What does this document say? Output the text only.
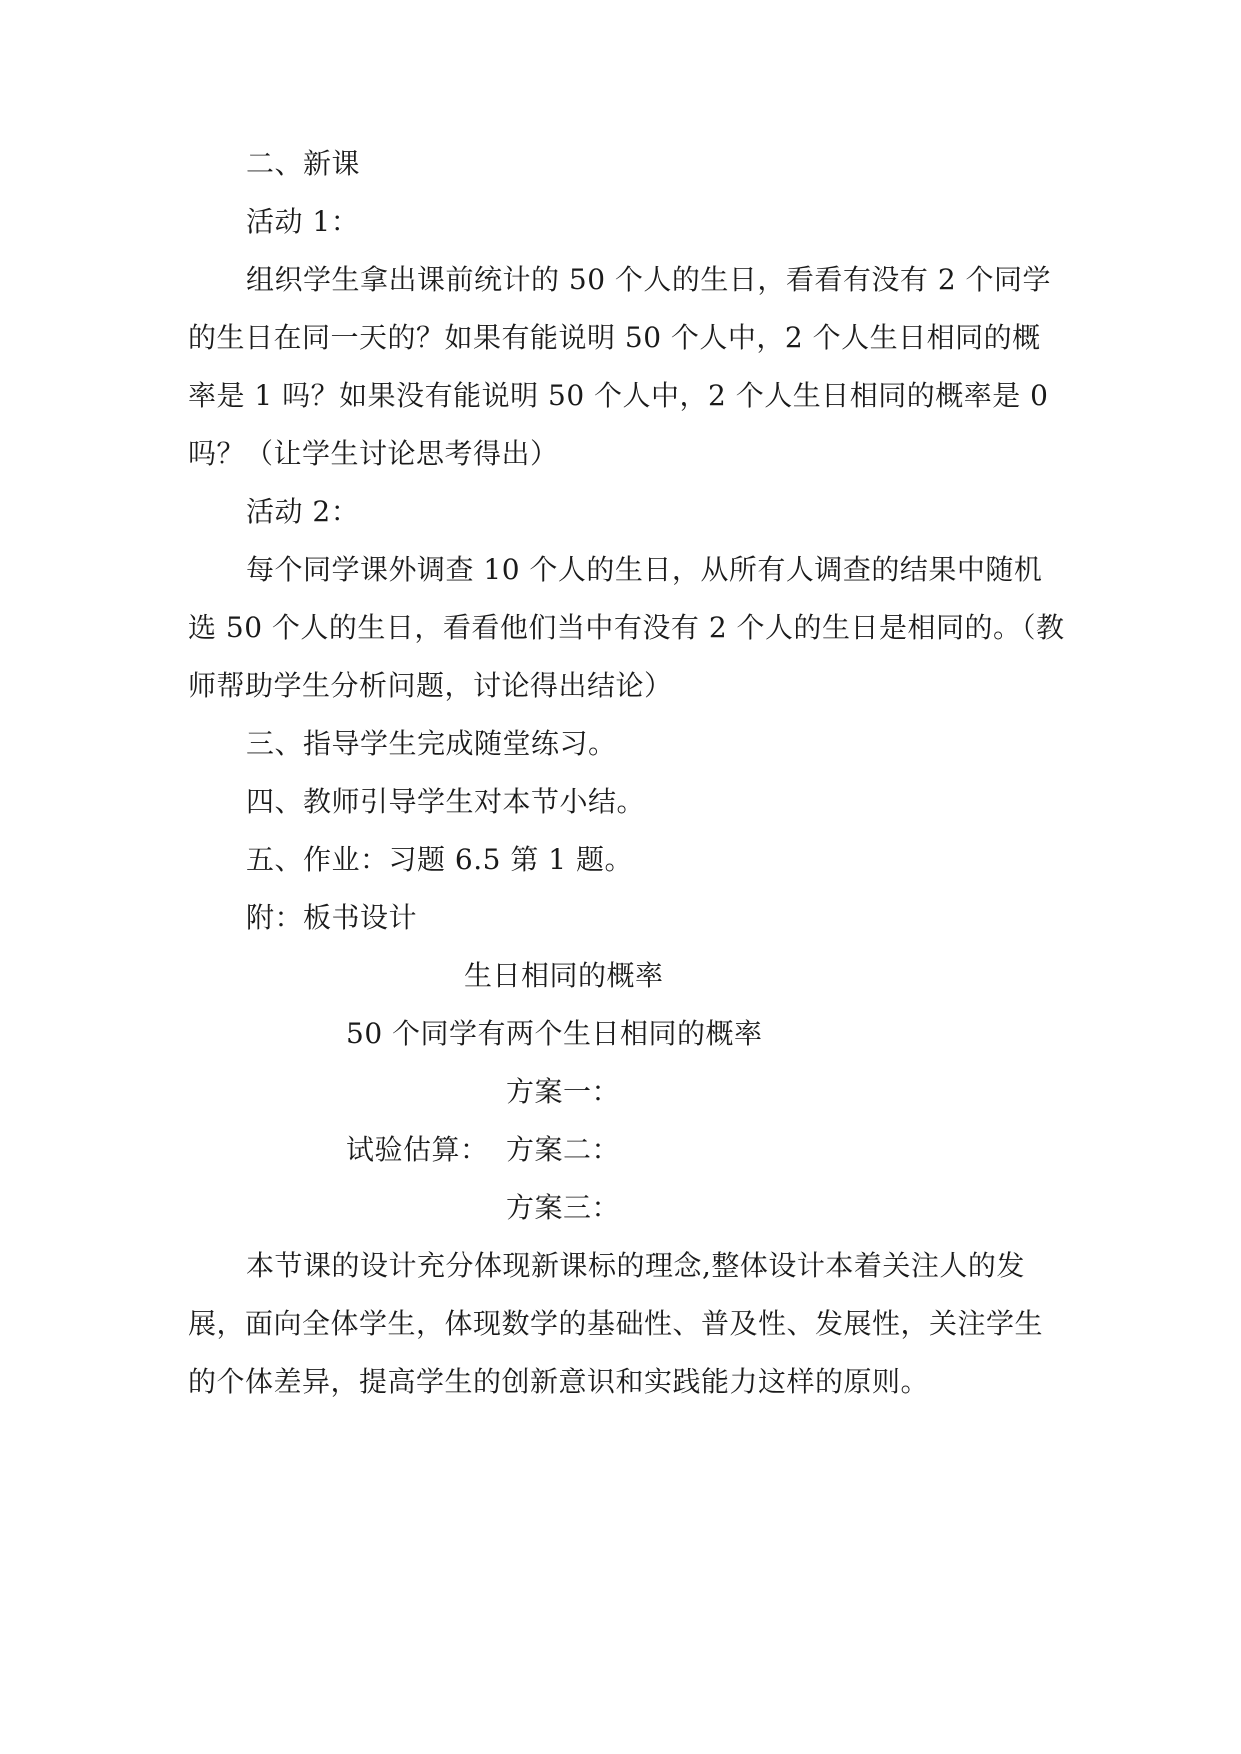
二、新课
活动 1：
组织学生拿出课前统计的 50 个人的生日，看看有没有 2 个同学
的生日在同一天的？如果有能说明 50 个人中，2 个人生日相同的概
率是 1 吗？如果没有能说明 50 个人中，2 个人生日相同的概率是 0
吗？（让学生讨论思考得出）
活动 2：
每个同学课外调查 10 个人的生日，从所有人调查的结果中随机
选 50 个人的生日，看看他们当中有没有 2 个人的生日是相同的。（教
师帮助学生分析问题，讨论得出结论）
三、指导学生完成随堂练习。
四、教师引导学生对本节小结。
五、作业：习题 6.5 第 1 题。
附：板书设计
生日相同的概率
50 个同学有两个生日相同的概率
方案一：
试验估算： 方案二：
方案三：
本节课的设计充分体现新课标的理念,整体设计本着关注人的发
展，面向全体学生，体现数学的基础性、普及性、发展性，关注学生
的个体差异，提高学生的创新意识和实践能力这样的原则。
